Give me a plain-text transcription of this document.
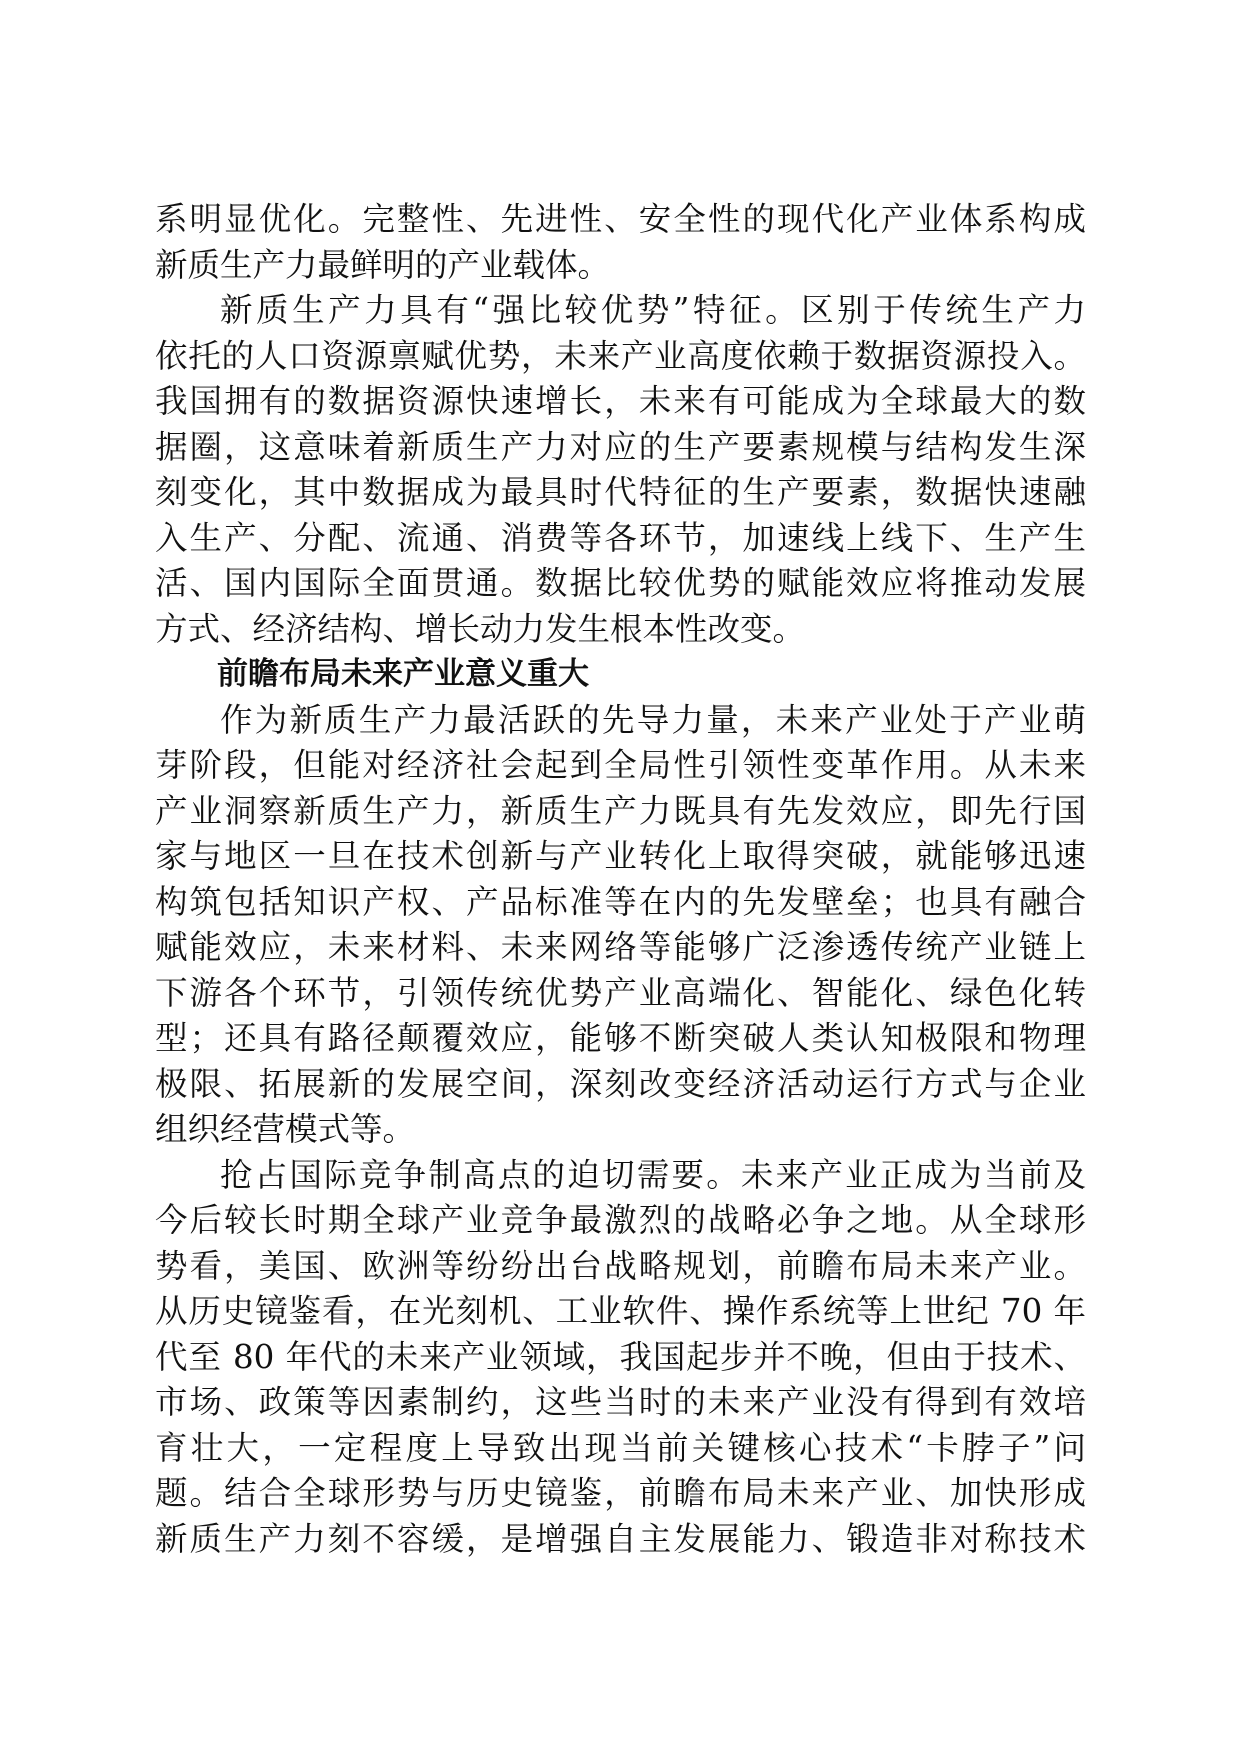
系明显优化。完整性、先进性、安全性的现代化产业体系构成
新质生产力最鲜明的产业载体。
新质生产力具有“强比较优势”特征。区别于传统生产力
依托的人口资源禀赋优势，未来产业高度依赖于数据资源投入。
我国拥有的数据资源快速增长，未来有可能成为全球最大的数
据圈，这意味着新质生产力对应的生产要素规模与结构发生深
刻变化，其中数据成为最具时代特征的生产要素，数据快速融
入生产、分配、流通、消费等各环节，加速线上线下、生产生
活、国内国际全面贯通。数据比较优势的赋能效应将推动发展
方式、经济结构、增长动力发生根本性改变。
前瞻布局未来产业意义重大
作为新质生产力最活跃的先导力量，未来产业处于产业萌
芽阶段，但能对经济社会起到全局性引领性变革作用。从未来
产业洞察新质生产力，新质生产力既具有先发效应，即先行国
家与地区一旦在技术创新与产业转化上取得突破，就能够迅速
构筑包括知识产权、产品标准等在内的先发壁垒；也具有融合
赋能效应，未来材料、未来网络等能够广泛渗透传统产业链上
下游各个环节，引领传统优势产业高端化、智能化、绿色化转
型；还具有路径颠覆效应，能够不断突破人类认知极限和物理
极限、拓展新的发展空间，深刻改变经济活动运行方式与企业
组织经营模式等。
抢占国际竞争制高点的迫切需要。未来产业正成为当前及
今后较长时期全球产业竞争最激烈的战略必争之地。从全球形
势看，美国、欧洲等纷纷出台战略规划，前瞻布局未来产业。
从历史镜鉴看，在光刻机、工业软件、操作系统等上世纪 70 年
代至 80 年代的未来产业领域，我国起步并不晚，但由于技术、
市场、政策等因素制约，这些当时的未来产业没有得到有效培
育壮大，一定程度上导致出现当前关键核心技术“卡脖子”问
题。结合全球形势与历史镜鉴，前瞻布局未来产业、加快形成
新质生产力刻不容缓，是增强自主发展能力、锻造非对称技术
